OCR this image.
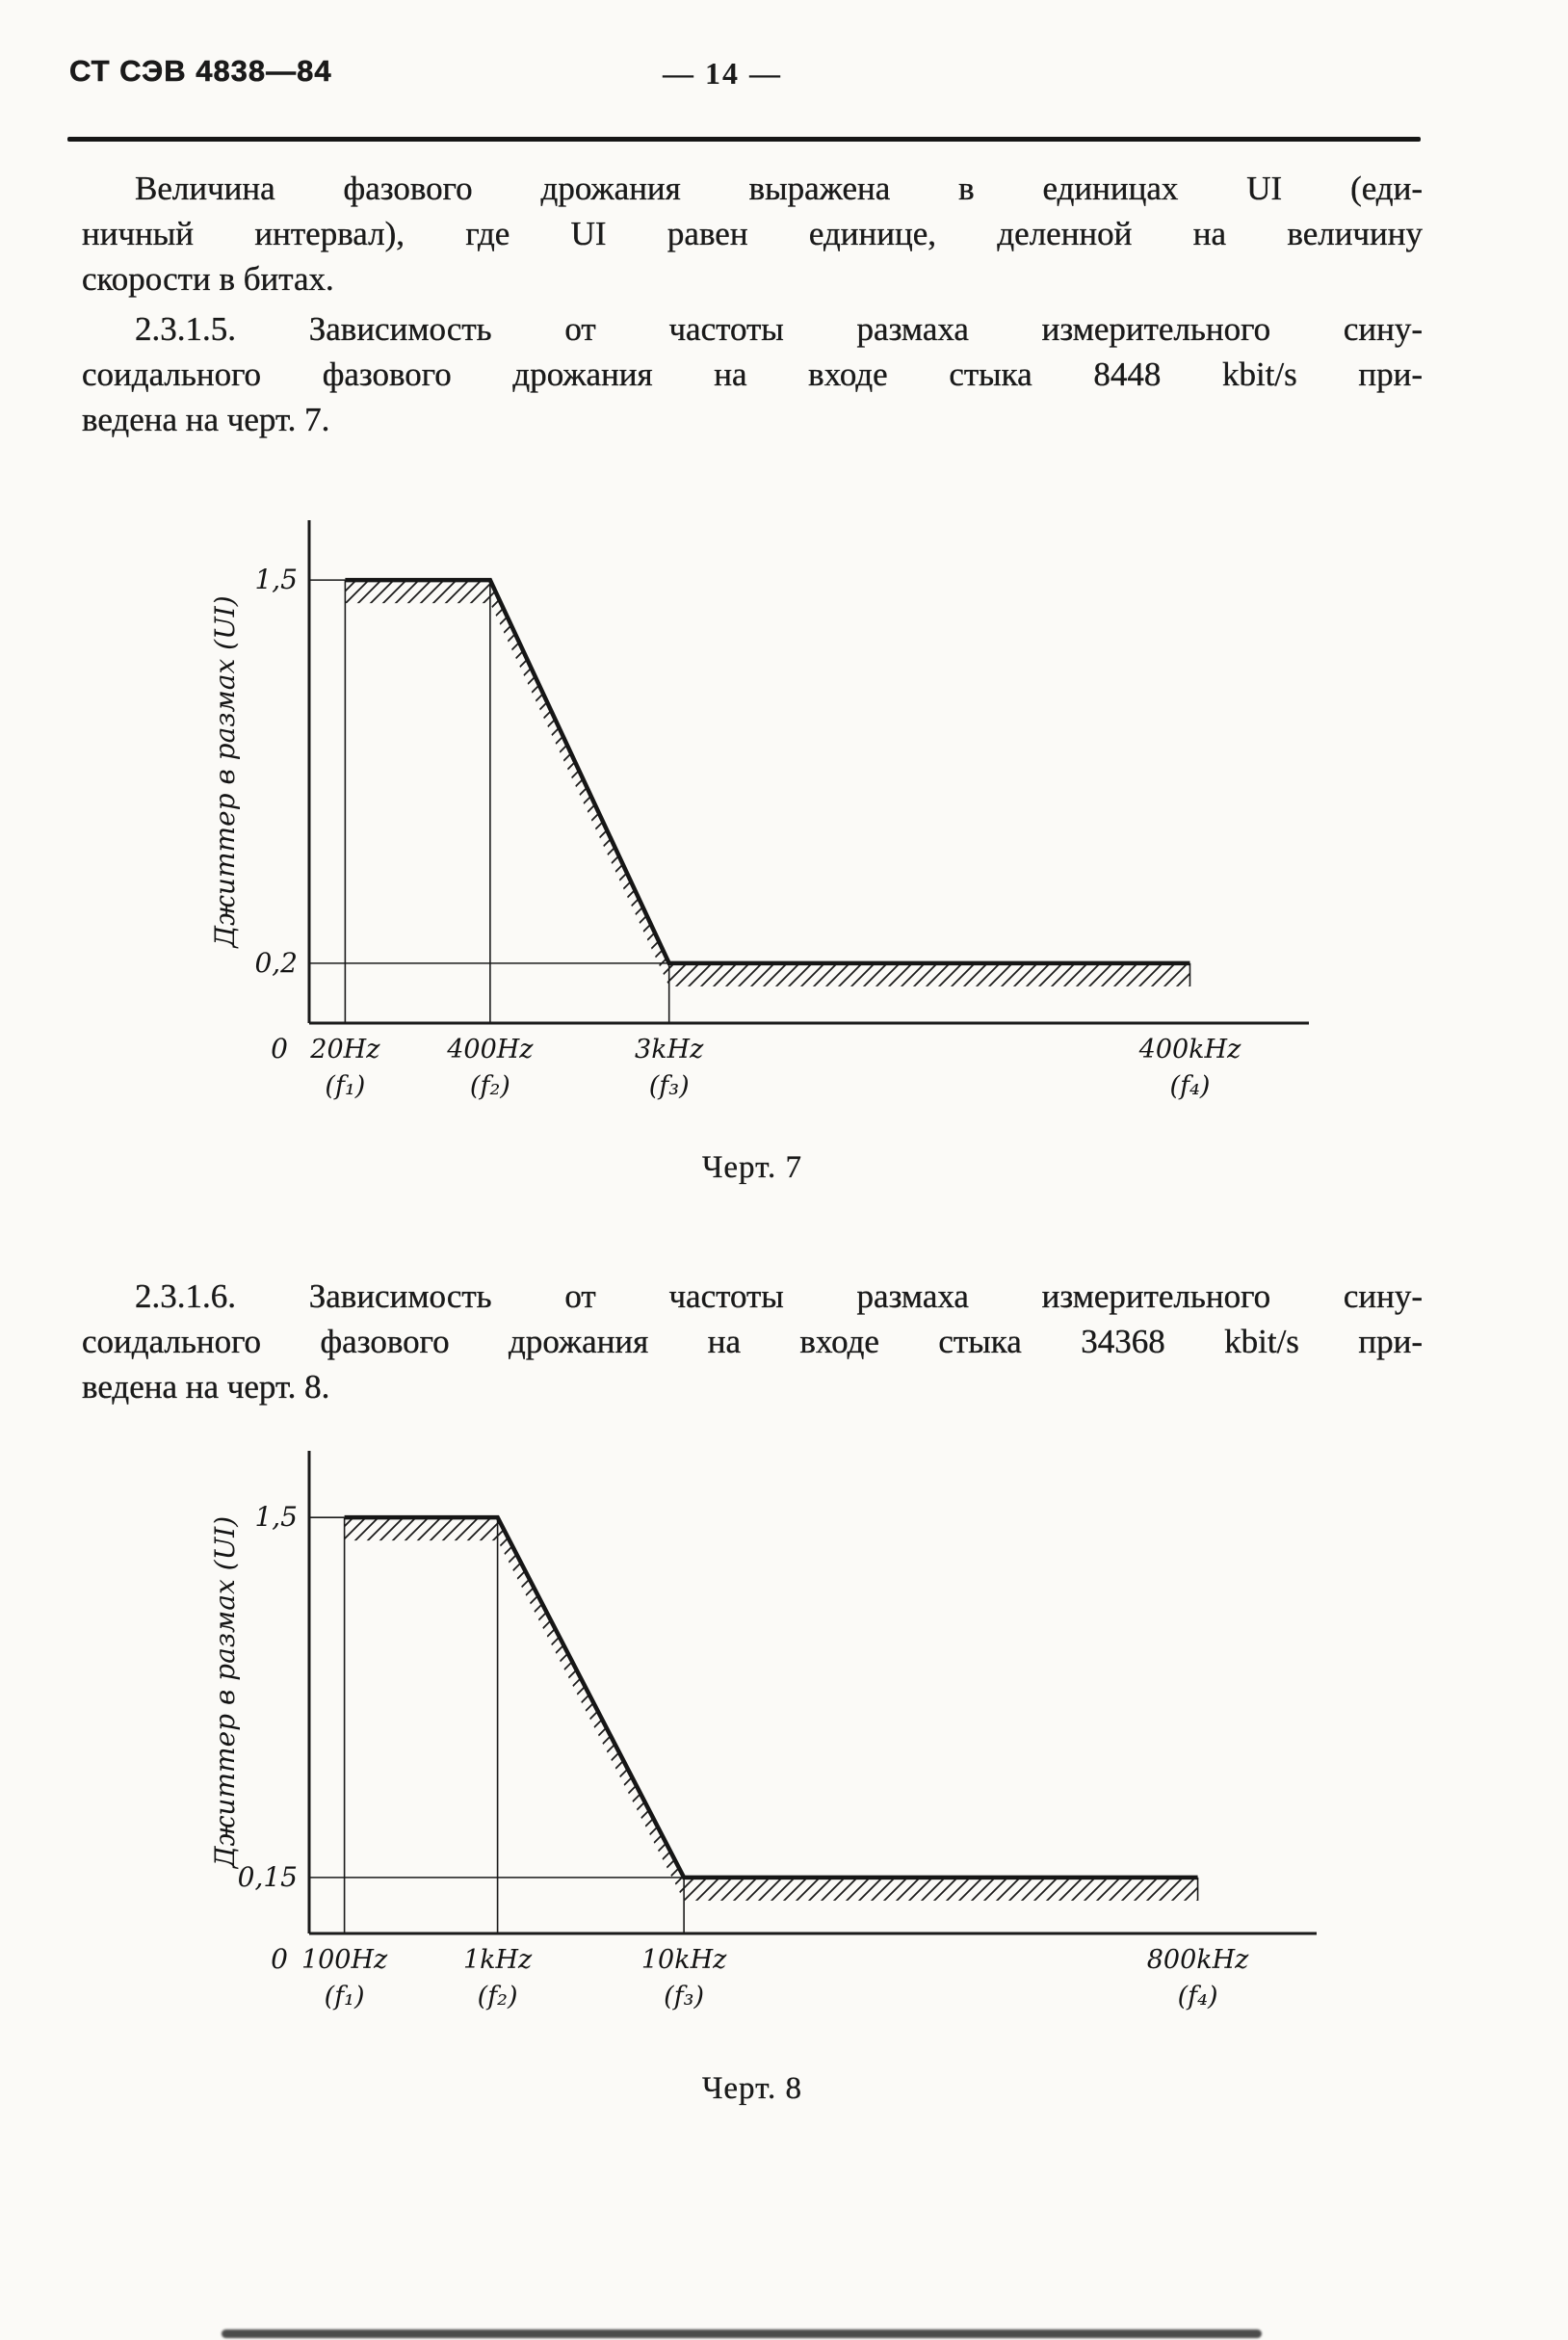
СТ СЭВ 4838—84	— 14 —
Величина фазового дрожания выражена в единицах UI (еди-
ничный интервал), где UI равен единице, деленной на величину
скорости в битах.
2.3.1.5. Зависимость от частоты размаха измерительного сину-
соидального фазового дрожания на входе стыка 8448 kbit/s при-
ведена на черт. 7.
1,5
0,2
0 20Hz
(f₁)
400Hz
(f₂)
3kHz
(f₃)
400kHz
(f₄)
Джиттер в размах (UI)
Черт. 7
2.3.1.6. Зависимость от частоты размаха измерительного сину-
соидального фазового дрожания на входе стыка 34368 kbit/s при-
ведена на черт. 8.
1,5
0,15
0 100Hz
(f₁)
1kHz
(f₂)
10kHz
(f₃)
800kHz
(f₄)
Джиттер в размах (UI)
Черт. 8
